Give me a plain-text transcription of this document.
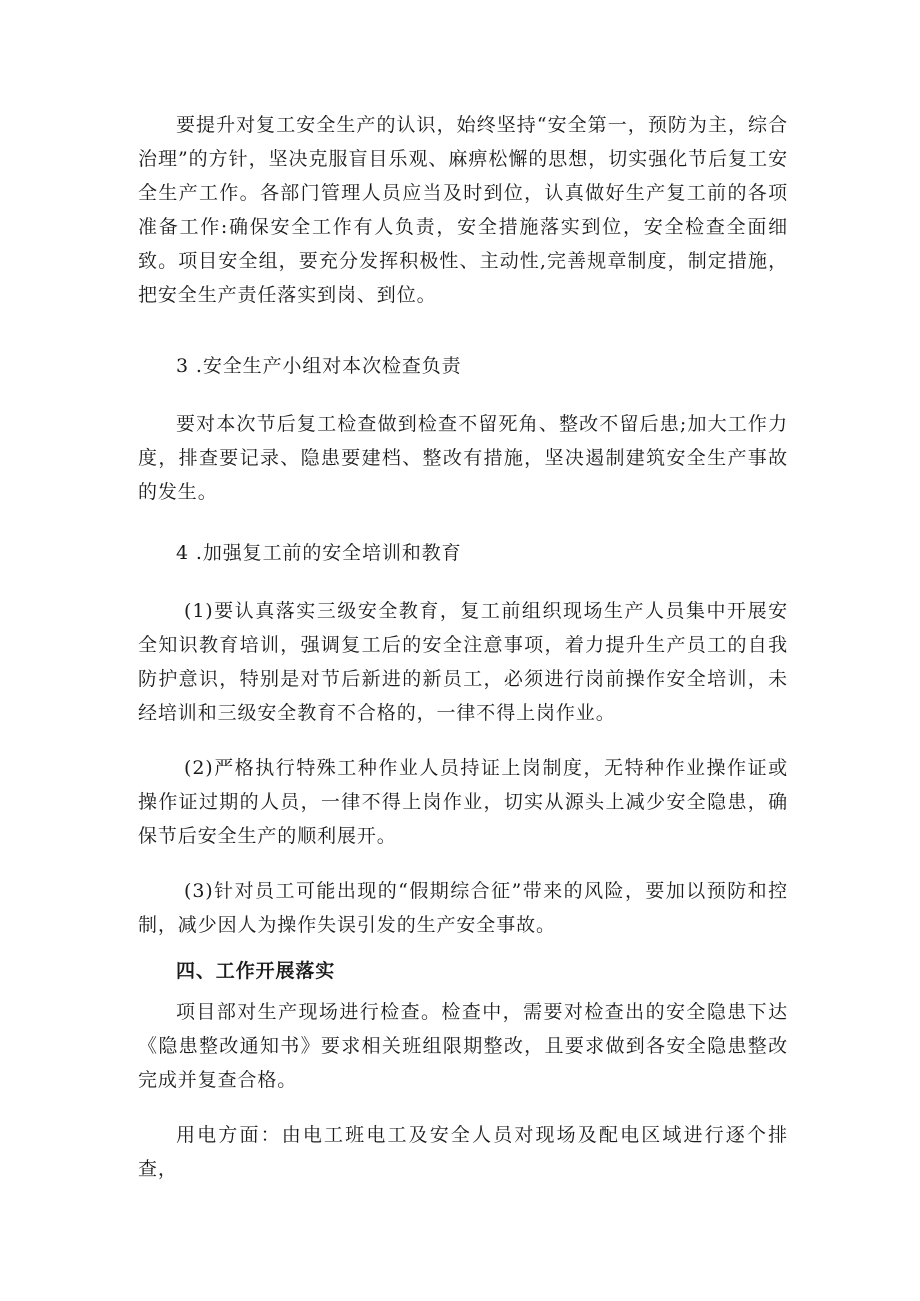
要提升对复工安全生产的认识，始终坚持“安全第一，预防为主，综合治理”的方针，坚决克服盲目乐观、麻痹松懈的思想，切实强化节后复工安全生产工作。各部门管理人员应当及时到位，认真做好生产复工前的各项准备工作:确保安全工作有人负责，安全措施落实到位，安全检查全面细致。项目安全组，要充分发挥积极性、主动性,完善规章制度，制定措施，把安全生产责任落实到岗、到位。

3 .安全生产小组对本次检查负责

要对本次节后复工检查做到检查不留死角、整改不留后患;加大工作力度，排查要记录、隐患要建档、整改有措施，坚决遏制建筑安全生产事故的发生。

4 .加强复工前的安全培训和教育

(1)要认真落实三级安全教育，复工前组织现场生产人员集中开展安全知识教育培训，强调复工后的安全注意事项，着力提升生产员工的自我防护意识，特别是对节后新进的新员工，必须进行岗前操作安全培训，未经培训和三级安全教育不合格的，一律不得上岗作业。

(2)严格执行特殊工种作业人员持证上岗制度，无特种作业操作证或操作证过期的人员，一律不得上岗作业，切实从源头上减少安全隐患，确保节后安全生产的顺利展开。

(3)针对员工可能出现的“假期综合征”带来的风险，要加以预防和控制，减少因人为操作失误引发的生产安全事故。

四、工作开展落实

项目部对生产现场进行检查。检查中，需要对检查出的安全隐患下达《隐患整改通知书》要求相关班组限期整改，且要求做到各安全隐患整改完成并复查合格。

用电方面：由电工班电工及安全人员对现场及配电区域进行逐个排查，
